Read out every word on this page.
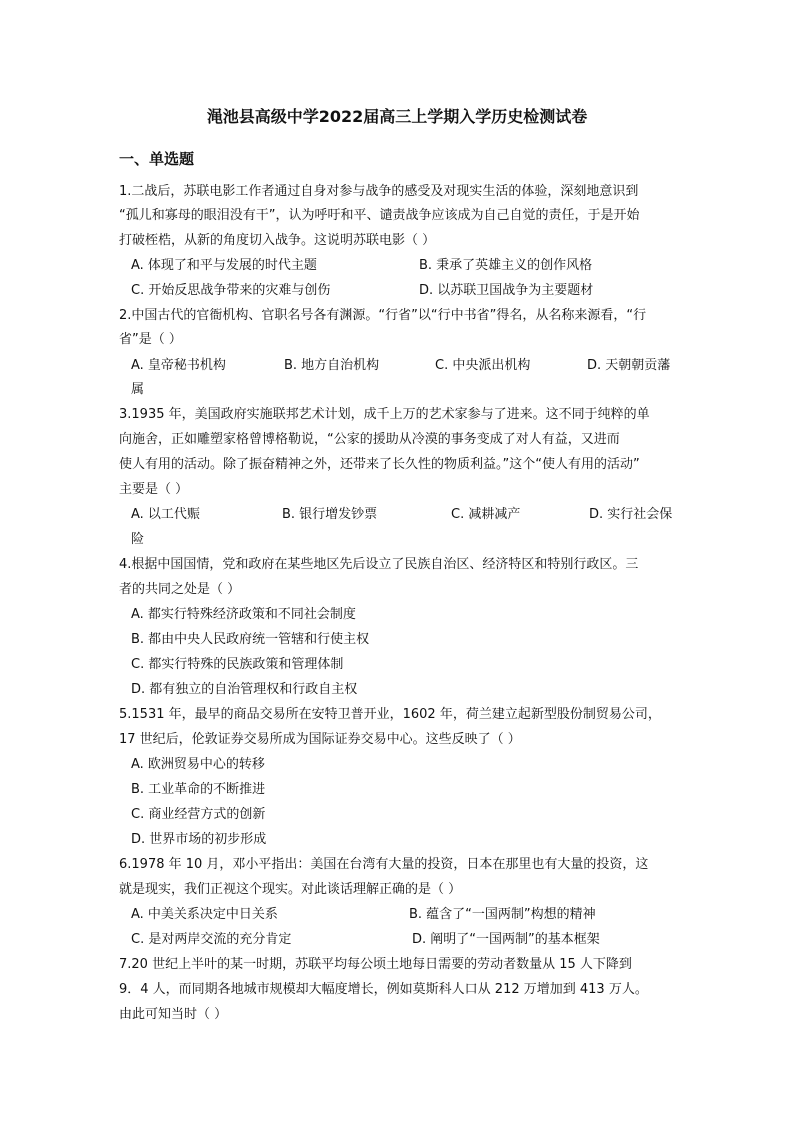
渑池县高级中学2022届高三上学期入学历史检测试卷
一、单选题
1.二战后，苏联电影工作者通过自身对参与战争的感受及对现实生活的体验，深刻地意识到
“孤儿和寡母的眼泪没有干”，认为呼吁和平、谴责战争应该成为自己自觉的责任，于是开始
打破桎梏，从新的角度切入战争。这说明苏联电影（ ）
A. 体现了和平与发展的时代主题	B. 秉承了英雄主义的创作风格
C. 开始反思战争带来的灾难与创伤	D. 以苏联卫国战争为主要题材
2.中国古代的官衙机构、官职名号各有渊源。“行省”以“行中书省”得名，从名称来源看，“行
省”是（ ）
A. 皇帝秘书机构	B. 地方自治机构	C. 中央派出机构	D. 天朝朝贡藩
属
3.1935 年，美国政府实施联邦艺术计划，成千上万的艺术家参与了进来。这不同于纯粹的单
向施舍，正如雕塑家格曾博格勒说，“公家的援助从冷漠的事务变成了对人有益，又进而
使人有用的活动。除了振奋精神之外，还带来了长久性的物质利益。”这个“使人有用的活动”
主要是（ ）
A. 以工代赈	B. 银行增发钞票	C. 减耕减产	D. 实行社会保
险
4.根据中国国情，党和政府在某些地区先后设立了民族自治区、经济特区和特别行政区。三
者的共同之处是（ ）
A. 都实行特殊经济政策和不同社会制度
B. 都由中央人民政府统一管辖和行使主权
C. 都实行特殊的民族政策和管理体制
D. 都有独立的自治管理权和行政自主权
5.1531 年，最早的商品交易所在安特卫普开业，1602 年，荷兰建立起新型股份制贸易公司，
17 世纪后，伦敦证券交易所成为国际证券交易中心。这些反映了（ ）
A. 欧洲贸易中心的转移
B. 工业革命的不断推进
C. 商业经营方式的创新
D. 世界市场的初步形成
6.1978 年 10 月，邓小平指出：美国在台湾有大量的投资，日本在那里也有大量的投资，这
就是现实，我们正视这个现实。对此谈话理解正确的是（ ）
A. 中美关系决定中日关系	B. 蕴含了“一国两制”构想的精神
C. 是对两岸交流的充分肯定	D. 阐明了“一国两制”的基本框架
7.20 世纪上半叶的某一时期，苏联平均每公顷土地每日需要的劳动者数量从 15 人下降到
9．4 人，而同期各地城市规模却大幅度增长，例如莫斯科人口从 212 万增加到 413 万人。
由此可知当时（ ）
